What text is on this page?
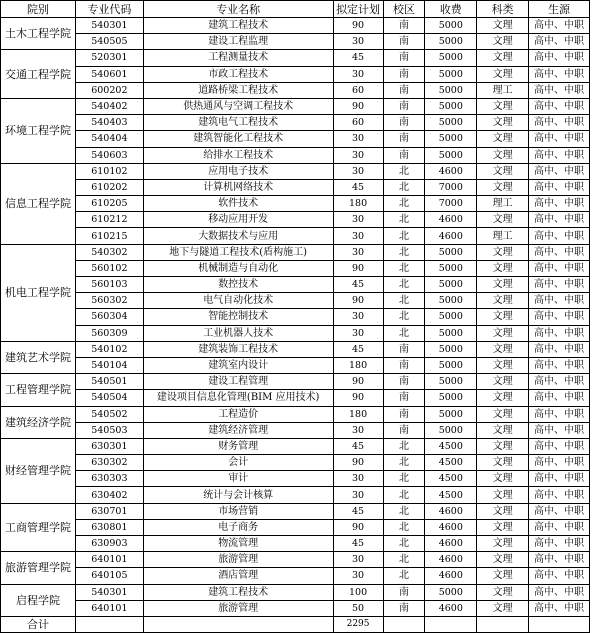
院别	专业代码	专业名称	拟定计划	校区	收费	科类	生源
土木工程学院	540301	建筑工程技术	90	南	5000	文理	高中、中职
	540505	建设工程监理	30	南	5000	文理	高中、中职
交通工程学院	520301	工程测量技术	45	南	5000	文理	高中、中职
	540601	市政工程技术	30	南	5000	文理	高中、中职
	600202	道路桥梁工程技术	60	南	5000	理工	高中、中职
环境工程学院	540402	供热通风与空调工程技术	90	南	5000	文理	高中、中职
	540403	建筑电气工程技术	60	南	5000	文理	高中、中职
	540404	建筑智能化工程技术	30	南	5000	文理	高中、中职
	540603	给排水工程技术	30	南	5000	文理	高中、中职
信息工程学院	610102	应用电子技术	30	北	4600	文理	高中、中职
	610202	计算机网络技术	45	北	7000	文理	高中、中职
	610205	软件技术	180	北	7000	理工	高中、中职
	610212	移动应用开发	30	北	4600	文理	高中、中职
	610215	大数据技术与应用	30	北	4600	理工	高中、中职
机电工程学院	540302	地下与隧道工程技术(盾构施工)	30	北	5000	文理	高中、中职
	560102	机械制造与自动化	90	北	5000	文理	高中、中职
	560103	数控技术	45	北	5000	文理	高中、中职
	560302	电气自动化技术	90	北	5000	文理	高中、中职
	560304	智能控制技术	30	北	5000	文理	高中、中职
	560309	工业机器人技术	30	北	5000	文理	高中、中职
建筑艺术学院	540102	建筑装饰工程技术	45	南	5000	文理	高中、中职
	540104	建筑室内设计	180	南	5000	文理	高中、中职
工程管理学院	540501	建设工程管理	90	南	5000	文理	高中、中职
	540504	建设项目信息化管理(BIM 应用技术)	90	南	5000	文理	高中、中职
建筑经济学院	540502	工程造价	180	南	5000	文理	高中、中职
	540503	建筑经济管理	30	南	5000	文理	高中、中职
财经管理学院	630301	财务管理	45	北	4500	文理	高中、中职
	630302	会计	90	北	4500	文理	高中、中职
	630303	审计	30	北	4500	文理	高中、中职
	630402	统计与会计核算	30	北	4500	文理	高中、中职
工商管理学院	630701	市场营销	45	北	4600	文理	高中、中职
	630801	电子商务	90	北	4600	文理	高中、中职
	630903	物流管理	45	北	4600	文理	高中、中职
旅游管理学院	640101	旅游管理	30	北	4600	文理	高中、中职
	640105	酒店管理	30	北	4600	文理	高中、中职
启程学院	540301	建筑工程技术	100	南	5000	文理	高中、中职
	640101	旅游管理	50	南	4600	文理	高中、中职
合计			2295				
